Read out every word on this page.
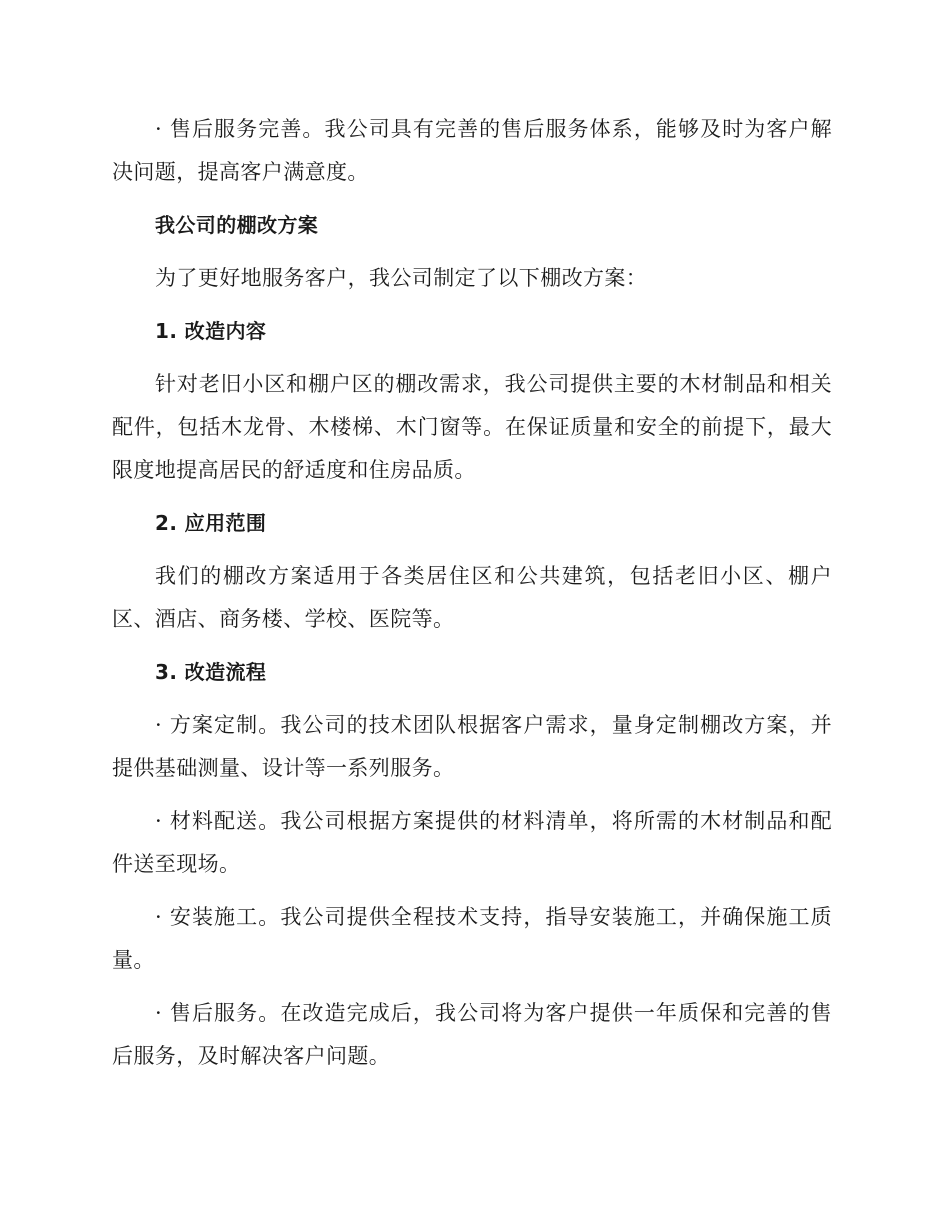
· 售后服务完善。我公司具有完善的售后服务体系，能够及时为客户解决问题，提高客户满意度。

我公司的棚改方案

为了更好地服务客户，我公司制定了以下棚改方案：

1. 改造内容

针对老旧小区和棚户区的棚改需求，我公司提供主要的木材制品和相关配件，包括木龙骨、木楼梯、木门窗等。在保证质量和安全的前提下，最大限度地提高居民的舒适度和住房品质。

2. 应用范围

我们的棚改方案适用于各类居住区和公共建筑，包括老旧小区、棚户区、酒店、商务楼、学校、医院等。

3. 改造流程

· 方案定制。我公司的技术团队根据客户需求，量身定制棚改方案，并提供基础测量、设计等一系列服务。

· 材料配送。我公司根据方案提供的材料清单，将所需的木材制品和配件送至现场。

· 安装施工。我公司提供全程技术支持，指导安装施工，并确保施工质量。

· 售后服务。在改造完成后，我公司将为客户提供一年质保和完善的售后服务，及时解决客户问题。
